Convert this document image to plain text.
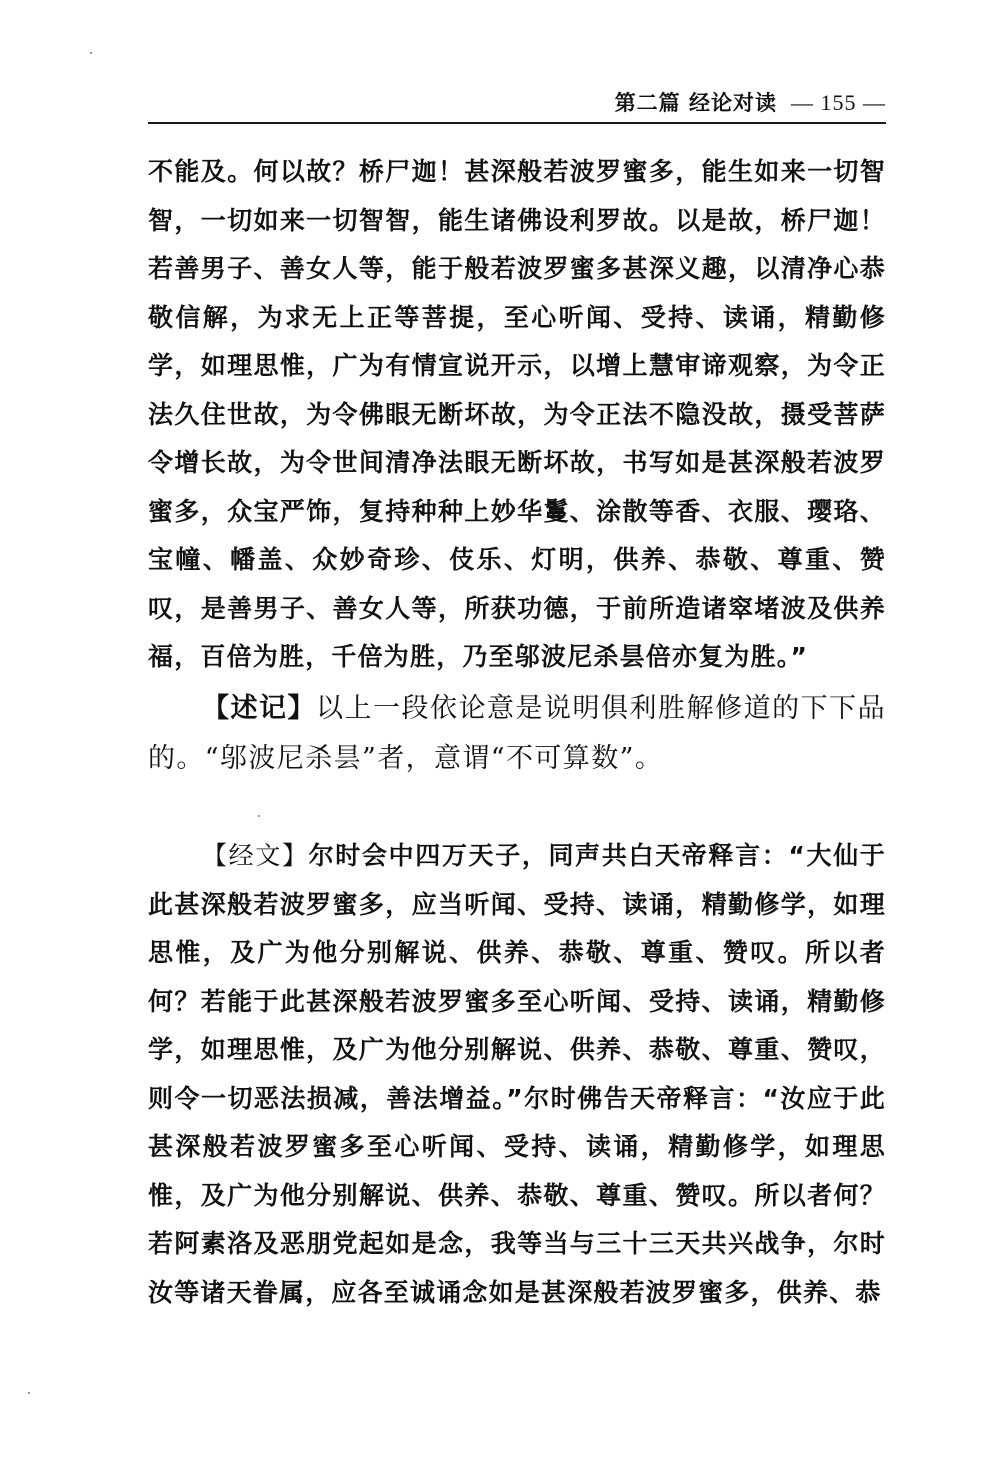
第二篇 经论对读 — 155 —

不能及。何以故？桥尸迦！甚深般若波罗蜜多，能生如来一切智智，一切如来一切智智，能生诸佛设利罗故。以是故，桥尸迦！若善男子、善女人等，能于般若波罗蜜多甚深义趣，以清净心恭敬信解，为求无上正等菩提，至心听闻、受持、读诵，精勤修学，如理思惟，广为有情宣说开示，以增上慧审谛观察，为令正法久住世故，为令佛眼无断坏故，为令正法不隐没故，摄受菩萨令增长故，为令世间清净法眼无断坏故，书写如是甚深般若波罗蜜多，众宝严饰，复持种种上妙华鬘、涂散等香、衣服、璎珞、宝幢、幡盖、众妙奇珍、伎乐、灯明，供养、恭敬、尊重、赞叹，是善男子、善女人等，所获功德，于前所造诸窣堵波及供养福，百倍为胜，千倍为胜，乃至邬波尼杀昙倍亦复为胜。”

【述记】以上一段依论意是说明俱利胜解修道的下下品的。“邬波尼杀昙”者，意谓“不可算数”。

【经文】尔时会中四万天子，同声共白天帝释言：“大仙于此甚深般若波罗蜜多，应当听闻、受持、读诵，精勤修学，如理思惟，及广为他分别解说、供养、恭敬、尊重、赞叹。所以者何？若能于此甚深般若波罗蜜多至心听闻、受持、读诵，精勤修学，如理思惟，及广为他分别解说、供养、恭敬、尊重、赞叹，则令一切恶法损减，善法增益。”尔时佛告天帝释言：“汝应于此甚深般若波罗蜜多至心听闻、受持、读诵，精勤修学，如理思惟，及广为他分别解说、供养、恭敬、尊重、赞叹。所以者何？若阿素洛及恶朋党起如是念，我等当与三十三天共兴战争，尔时汝等诸天眷属，应各至诚诵念如是甚深般若波罗蜜多，供养、恭
